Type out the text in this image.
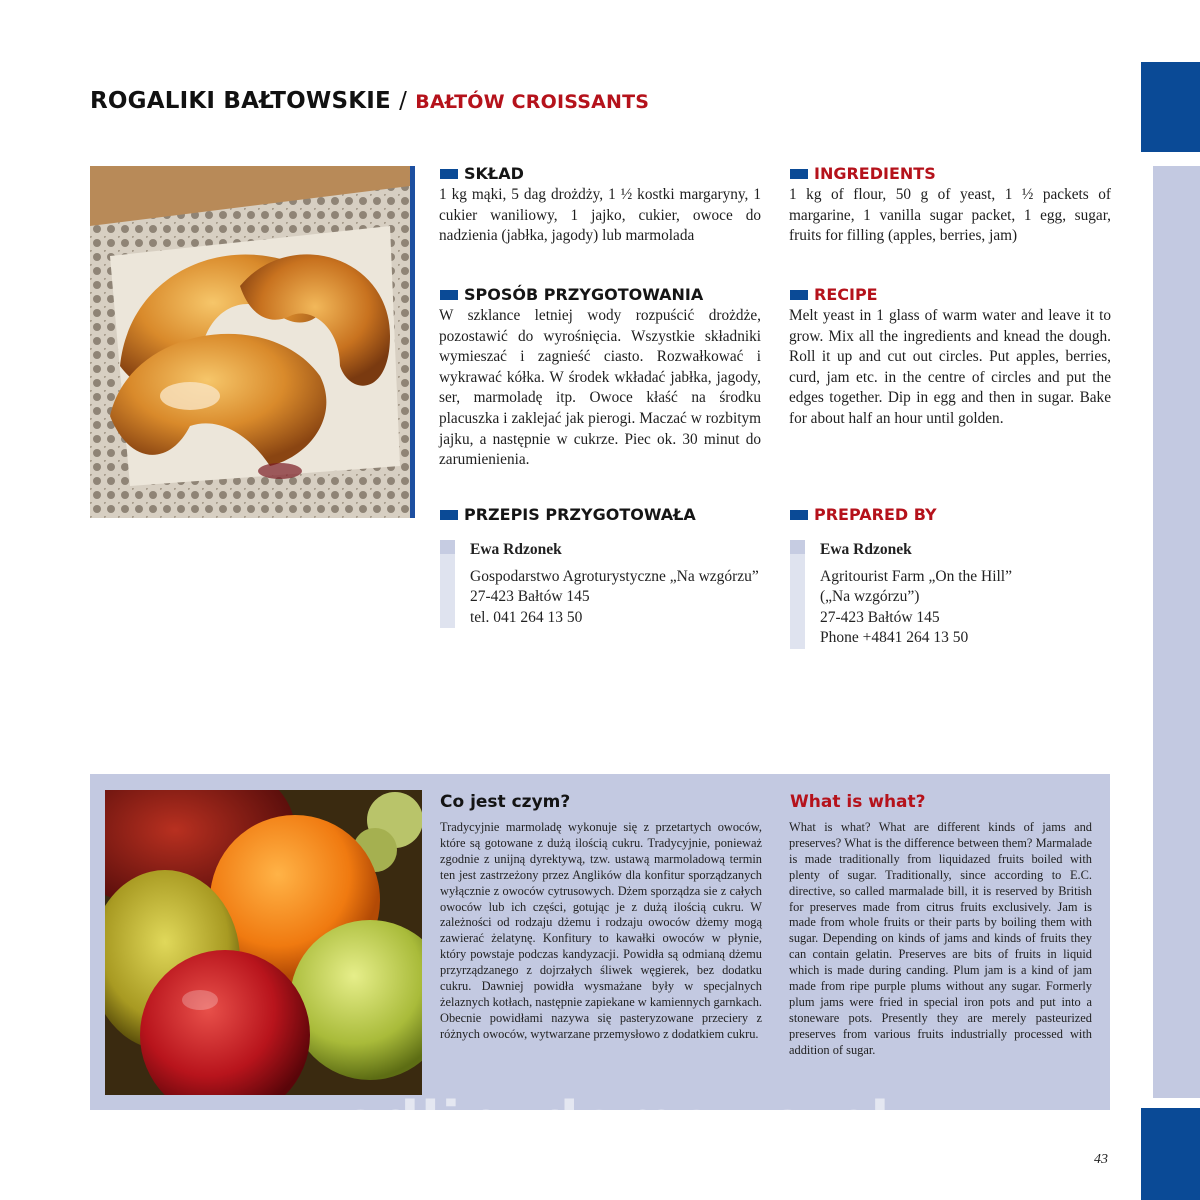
ROGALIKI BAŁTOWSKIE / BAŁTÓW CROISSANTS
SKŁAD
1 kg mąki, 5 dag drożdży, 1 ½ kostki margaryny, 1 cukier waniliowy, 1 jajko, cukier, owoce do nadzienia (jabłka, jagody) lub marmolada
INGREDIENTS
1 kg of flour, 50 g of yeast, 1 ½ packets of margarine, 1 vanilla sugar packet, 1 egg, sugar, fruits for filling (apples, berries, jam)
SPOSÓB PRZYGOTOWANIA
W szklance letniej wody rozpuścić drożdże, pozostawić do wyrośnięcia. Wszystkie składniki wymieszać i zagnieść ciasto. Rozwałkować i wykrawać kółka. W środek wkładać jabłka, jagody, ser, marmoladę itp. Owoce kłaść na środku placuszka i zaklejać jak pierogi. Maczać w rozbitym jajku, a następnie w cukrze. Piec ok. 30 minut do zarumienienia.
RECIPE
Melt yeast in 1 glass of warm water and leave it to grow. Mix all the ingredients and knead the dough. Roll it up and cut out circles. Put apples, berries, curd, jam etc. in the centre of circles and put the edges together. Dip in egg and then in sugar. Bake for about half an hour until golden.
PRZEPIS PRZYGOTOWAŁA
Ewa Rdzonek
Gospodarstwo Agroturystyczne „Na wzgórzu”
27-423 Bałtów 145
tel. 041 264 13 50
PREPARED BY
Ewa Rdzonek
Agritourist Farm „On the Hill”
(„Na wzgórzu”)
27-423 Bałtów 145
Phone +4841 264 13 50
Co jest czym?
Tradycyjnie marmoladę wykonuje się z przetartych owoców, które są gotowane z dużą ilością cukru. Tradycyjnie, ponieważ zgodnie z unijną dyrektywą, tzw. ustawą marmoladową termin ten jest zastrzeżony przez Anglików dla konfitur sporządzanych wyłącznie z owoców cytrusowych. Dżem sporządza sie z całych owoców lub ich części, gotując je z dużą ilością cukru. W zależności od rodzaju dżemu i rodzaju owoców dżemy mogą zawierać żelatynę. Konfitury to kawałki owoców w płynie, który powstaje podczas kandyzacji. Powidła są odmianą dżemu przyrządzanego z dojrzałych śliwek węgierek, bez dodatku cukru. Dawniej powidła wysmażane były w specjalnych żelaznych kotłach, następnie zapiekane w kamiennych garnkach. Obecnie powidłami nazywa się pasteryzowane przeciery z różnych owoców, wytwarzane przemysłowo z dodatkiem cukru.
What is what?
What is what? What are different kinds of jams and preserves? What is the difference between them? Marmalade is made traditionally from liquidazed fruits boiled with plenty of sugar. Traditionally, since according to E.C. directive, so called marmalade bill, it is reserved by British for preserves made from citrus fruits exclusively. Jam is made from whole fruits or their parts by boiling them with sugar. Depending on kinds of jams and kinds of fruits they can contain gelatin. Preserves are bits of fruits in liquid which is made during canding. Plum jam is a kind of jam made from ripe purple plums without any sugar. Formerly plum jams were fried in special iron pots and put into a stoneware pots. Presently they are merely pasteurized preserves from various fruits industrially processed with addition of sugar.
wedlinydomowe.pl
43
